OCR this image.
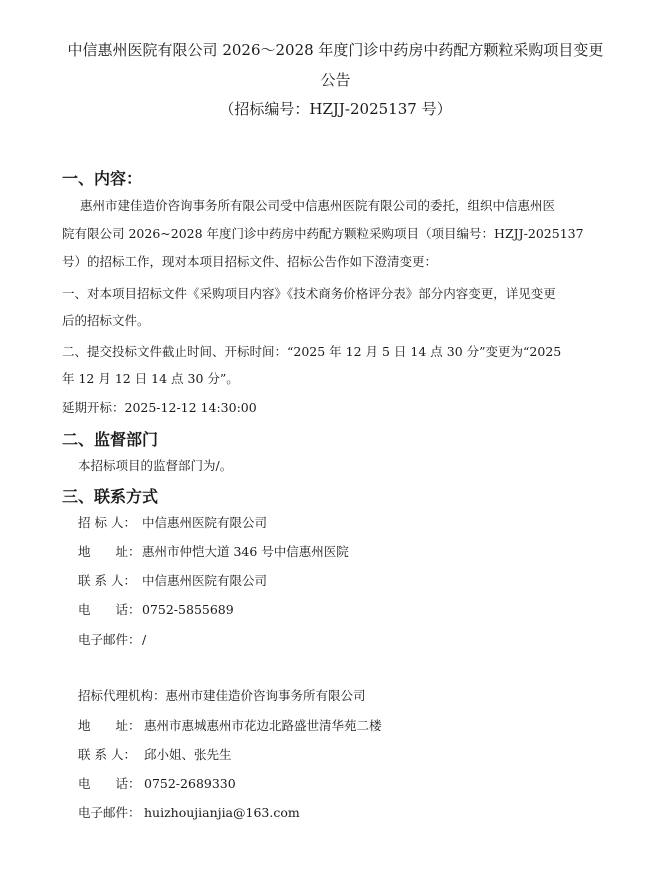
中信惠州医院有限公司 2026～2028 年度门诊中药房中药配方颗粒采购项目变更
公告
（招标编号：HZJJ-2025137 号）
一、内容：
惠州市建佳造价咨询事务所有限公司受中信惠州医院有限公司的委托，组织中信惠州医
院有限公司 2026~2028 年度门诊中药房中药配方颗粒采购项目（项目编号：HZJJ-2025137
号）的招标工作，现对本项目招标文件、招标公告作如下澄清变更：
一、对本项目招标文件《采购项目内容》《技术商务价格评分表》部分内容变更，详见变更
后的招标文件。
二、提交投标文件截止时间、开标时间：“2025 年 12 月 5 日 14 点 30 分”变更为“2025
年 12 月 12 日 14 点 30 分”。
延期开标：2025-12-12 14:30:00
二、监督部门
本招标项目的监督部门为/。
三、联系方式
招 标 人： 中信惠州医院有限公司
地　　址：惠州市仲恺大道 346 号中信惠州医院
联 系 人： 中信惠州医院有限公司
电　　话：0752-5855689
电子邮件：/
招标代理机构：惠州市建佳造价咨询事务所有限公司
地　　址： 惠州市惠城惠州市花边北路盛世清华苑二楼
联 系 人： 邱小姐、张先生
电　　话： 0752-2689330
电子邮件： huizhoujianjia@163.com
